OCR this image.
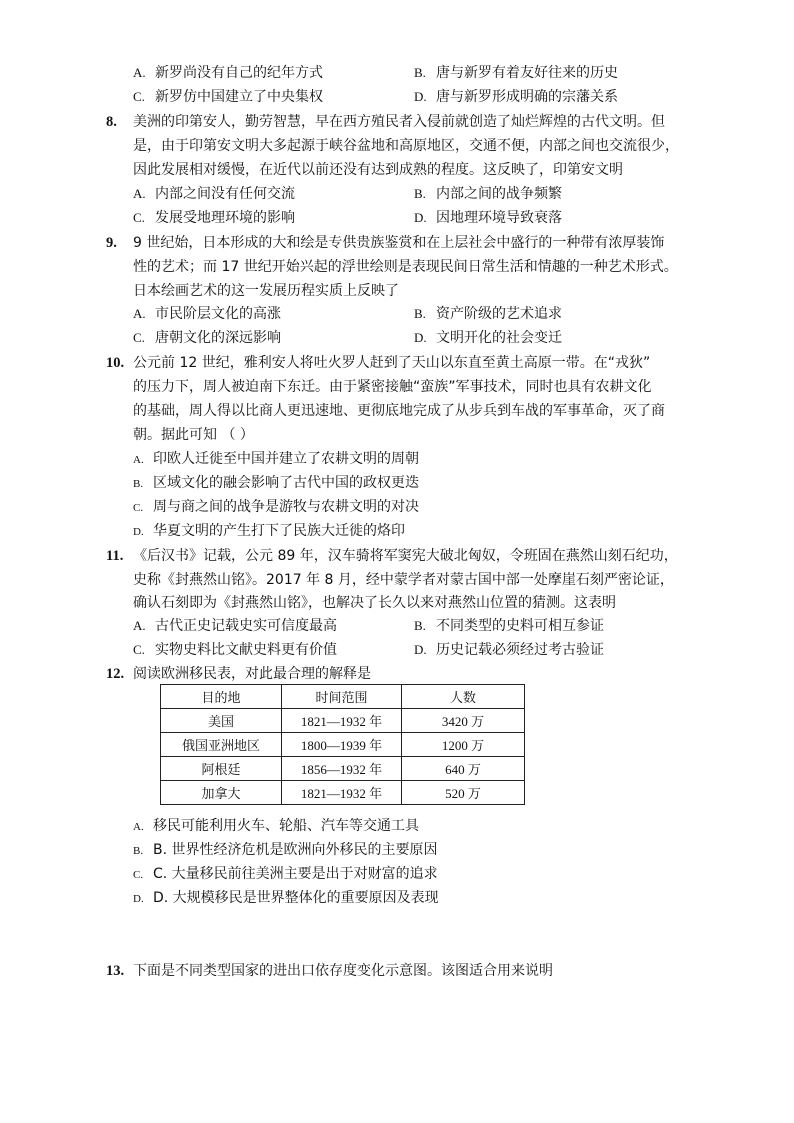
A. 新罗尚没有自己的纪年方式	B. 唐与新罗有着友好往来的历史
C. 新罗仿中国建立了中央集权	D. 唐与新罗形成明确的宗藩关系
8. 美洲的印第安人，勤劳智慧，早在西方殖民者入侵前就创造了灿烂辉煌的古代文明。但
是，由于印第安文明大多起源于峡谷盆地和高原地区，交通不便，内部之间也交流很少，
因此发展相对缓慢，在近代以前还没有达到成熟的程度。这反映了，印第安文明
A. 内部之间没有任何交流	B. 内部之间的战争频繁
C. 发展受地理环境的影响	D. 因地理环境导致衰落
9. 9 世纪始，日本形成的大和绘是专供贵族鉴赏和在上层社会中盛行的一种带有浓厚装饰
性的艺术；而 17 世纪开始兴起的浮世绘则是表现民间日常生活和情趣的一种艺术形式。
日本绘画艺术的这一发展历程实质上反映了
A. 市民阶层文化的高涨	B. 资产阶级的艺术追求
C. 唐朝文化的深远影响	D. 文明开化的社会变迁
10. 公元前 12 世纪，雅利安人将吐火罗人赶到了天山以东直至黄土高原一带。在“戎狄”
的压力下，周人被迫南下东迁。由于紧密接触“蛮族”军事技术，同时也具有农耕文化
的基础，周人得以比商人更迅速地、更彻底地完成了从步兵到车战的军事革命，灭了商
朝。据此可知 （ ）
A. 印欧人迁徙至中国并建立了农耕文明的周朝
B. 区域文化的融会影响了古代中国的政权更迭
C. 周与商之间的战争是游牧与农耕文明的对决
D. 华夏文明的产生打下了民族大迁徙的烙印
11. 《后汉书》记载，公元 89 年，汉车骑将军窦宪大破北匈奴，令班固在燕然山刻石纪功，
史称《封燕然山铭》。2017 年 8 月，经中蒙学者对蒙古国中部一处摩崖石刻严密论证，
确认石刻即为《封燕然山铭》，也解决了长久以来对燕然山位置的猜测。这表明
A. 古代正史记载史实可信度最高	B. 不同类型的史料可相互参证
C. 实物史料比文献史料更有价值	D. 历史记载必须经过考古验证
12. 阅读欧洲移民表，对此最合理的解释是
目的地	时间范围	人数
美国	1821—1932 年	3420 万
俄国亚洲地区	1800—1939 年	1200 万
阿根廷	1856—1932 年	640 万
加拿大	1821—1932 年	520 万
A. 移民可能利用火车、轮船、汽车等交通工具
B. B. 世界性经济危机是欧洲向外移民的主要原因
C. C. 大量移民前往美洲主要是出于对财富的追求
D. D. 大规模移民是世界整体化的重要原因及表现
13. 下面是不同类型国家的进出口依存度变化示意图。该图适合用来说明
